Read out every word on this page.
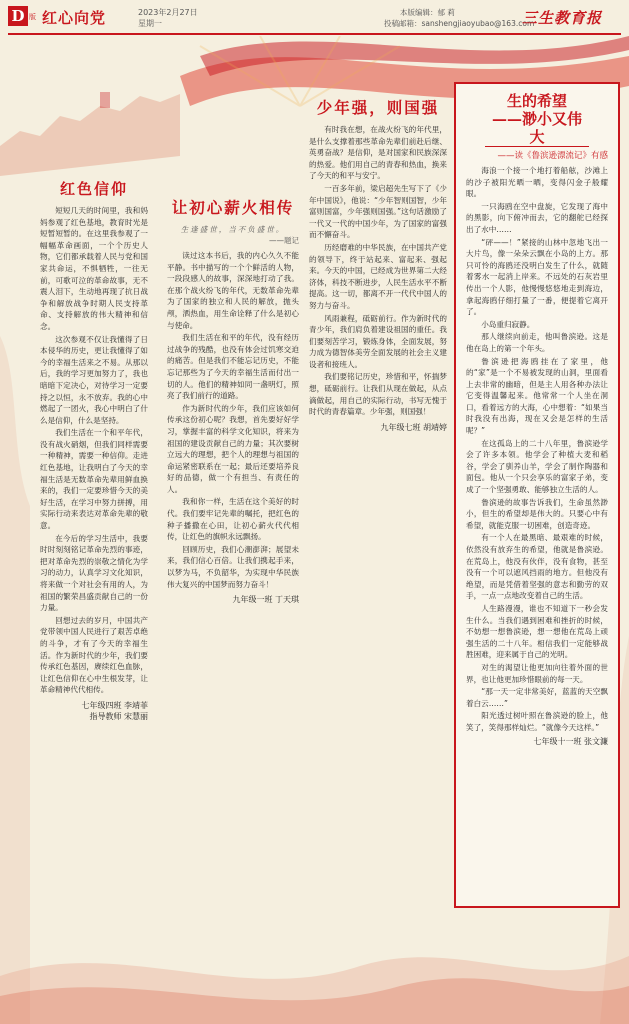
D 版 红心向党	2023年2月27日
星期一
本版编辑：郁 莉
投稿邮箱：sanshengjiaoyubao@163.com
三生教育报
红色信仰

短短几天的时间里，我和妈妈参观了红色基地，教育时光是短暂短暂的。在这里我参观了一幅幅革命画面，一个个历史人物，它们都承载着人民与党和国家共命运，不惧牺牲，一往无前，可歌可泣的革命故事，无不震人泪下，生动地再现了抗日战争和解放战争时期人民支持革命、支持解放的伟大精神和信念。

这次参观不仅让我懂得了日本侵华的历史，更让我懂得了如今的幸福生活来之不易。从那以后，我的学习更加努力了，我也暗暗下定决心，对待学习一定要持之以恒，永不放弃。我的心中燃起了一团火，我心中明白了什么是信仰，什么是坚持。

我们生活在一个和平年代，没有战火硝烟，但我们同样需要一种精神，需要一种信仰。走进红色基地，让我明白了今天的幸福生活是无数革命先辈用鲜血换来的，我们一定要珍惜今天的美好生活，在学习中努力拼搏，用实际行动来表达对革命先辈的敬意。

在今后的学习生活中，我要时时刻刻铭记革命先烈的事迹，把对革命先烈的崇敬之情化为学习的动力，认真学习文化知识，将来做一个对社会有用的人，为祖国的繁荣昌盛贡献自己的一份力量。

回想过去的岁月，中国共产党带领中国人民进行了艰苦卓绝的斗争，才有了今天的幸福生活。作为新时代的少年，我们要传承红色基因，赓续红色血脉，让红色信仰在心中生根发芽，让革命精神代代相传。

七年级四班 李靖菲
指导教师 宋慧丽
让初心薪火相传
生逢盛世，当不负盛世。
——题记

读过这本书后，我的内心久久不能平静。书中描写的一个个鲜活的人物，一段段感人的故事，深深地打动了我。在那个战火纷飞的年代，无数革命先辈为了国家的独立和人民的解放，抛头颅，洒热血，用生命诠释了什么是初心与使命。

我们生活在和平的年代，没有经历过战争的残酷，也没有体会过饥寒交迫的痛苦。但是我们不能忘记历史，不能忘记那些为了今天的幸福生活而付出一切的人。他们的精神如同一盏明灯，照亮了我们前行的道路。

作为新时代的少年，我们应该如何传承这份初心呢？我想，首先要好好学习，掌握丰富的科学文化知识，将来为祖国的建设贡献自己的力量；其次要树立远大的理想，把个人的理想与祖国的命运紧密联系在一起；最后还要培养良好的品德，做一个有担当、有责任的人。

我和你一样，生活在这个美好的时代。我们要牢记先辈的嘱托，把红色的种子播撒在心田，让初心薪火代代相传，让红色的旗帜永远飘扬。

回顾历史，我们心潮澎湃；展望未来，我们信心百倍。让我们携起手来，以梦为马，不负韶华，为实现中华民族伟大复兴的中国梦而努力奋斗！

九年级一班 丁天琪
少年强，则国强

有时我在想，在战火纷飞的年代里，是什么支撑着那些革命先辈们前赴后继、英勇奋战？是信仰，是对国家和民族深深的热爱。他们用自己的青春和热血，换来了今天的和平与安宁。

一百多年前，梁启超先生写下了《少年中国说》，他说：“少年智则国智，少年富则国富，少年强则国强。”这句话激励了一代又一代的中国少年，为了国家的富强而不懈奋斗。

历经磨难的中华民族，在中国共产党的领导下，终于站起来、富起来、强起来。今天的中国，已经成为世界第二大经济体，科技不断进步，人民生活水平不断提高。这一切，都离不开一代代中国人的努力与奋斗。

风雨兼程，砥砺前行。作为新时代的青少年，我们肩负着建设祖国的重任。我们要刻苦学习，锻炼身体，全面发展，努力成为德智体美劳全面发展的社会主义建设者和接班人。

我们要铭记历史，珍惜和平，怀揣梦想，砥砺前行。让我们从现在做起，从点滴做起，用自己的实际行动，书写无愧于时代的青春篇章。少年强，则国强！

九年级七班 胡靖婷
生的希望
——渺小又伟大
——读《鲁滨逊漂流记》有感

海浪一个接一个地打着船舷，沙滩上的沙子被阳光晒一晒，变得闪金子般耀眼。

一只海鸥在空中盘旋，它发现了海中的黑影，向下俯冲而去，它的翻舵已经探出了水中……

“砰——！”紧接的山林中忽地飞出一大片鸟，像一朵朵云飘在小岛的上方。那只可怜的海鸥还没明白发生了什么，就随着雾水一起消上岸来。不远处的石灰岩里传出一个人影，他慢慢悠悠地走到海边，拿起海鸥仔细打量了一番，便提着它离开了。

小岛重归寂静。

那人继续向前走，他叫鲁滨逊。这是他在岛上的第一个年头。

鲁滨逊把海鸥挂在了家里，他的“家”是一个不易被发现的山洞，里面看上去非常的幽暗，但是主人用各种办法让它变得温馨起来。他常常一个人坐在洞口，看着远方的大海，心中想着：“如果当时我没有出海，现在又会是怎样的生活呢？”

在这孤岛上的二十八年里，鲁滨逊学会了许多本领。他学会了种植大麦和稻谷，学会了驯养山羊，学会了制作陶器和面包。他从一个只会享乐的富家子弟，变成了一个坚强勇敢、能够独立生活的人。

鲁滨逊的故事告诉我们，生命虽然渺小，但生的希望却是伟大的。只要心中有希望，就能克服一切困难，创造奇迹。

有一个人在最黑暗、最艰难的时候，依然没有放弃生的希望，他就是鲁滨逊。在荒岛上，他没有伙伴，没有食物，甚至没有一个可以遮风挡雨的地方。但他没有绝望，而是凭借着坚强的意志和勤劳的双手，一点一点地改变着自己的生活。

人生路漫漫，谁也不知道下一秒会发生什么。当我们遇到困难和挫折的时候，不妨想一想鲁滨逊，想一想他在荒岛上顽强生活的二十八年。相信我们一定能够战胜困难，迎来属于自己的光明。

对生的渴望让他更加向往着外面的世界，也让他更加珍惜眼前的每一天。

“那一天一定非常美好，蓝蓝的天空飘着白云……”

阳光透过树叶照在鲁滨逊的脸上，他笑了，笑得那样灿烂。“就像今天这样。”

七年级十一班 张文濂
